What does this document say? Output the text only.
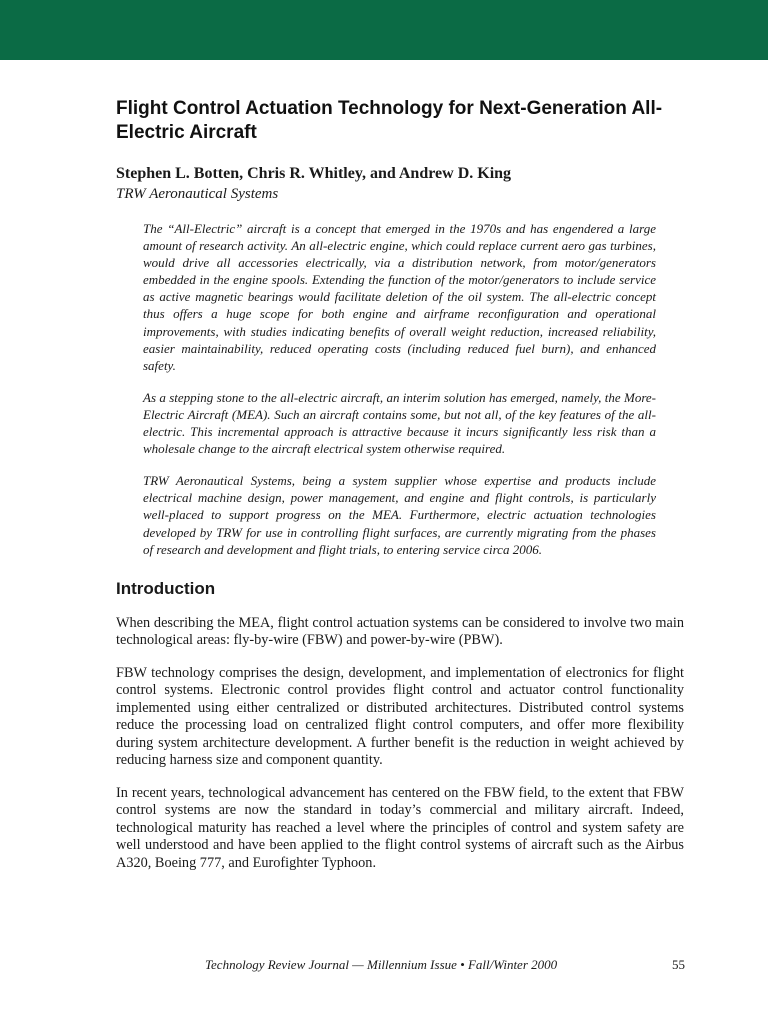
Flight Control Actuation Technology for Next-Generation All-Electric Aircraft
Stephen L. Botten, Chris R. Whitley, and Andrew D. King
TRW Aeronautical Systems

The “All-Electric” aircraft is a concept that emerged in the 1970s and has engendered a large amount of research activity. An all-electric engine, which could replace current aero gas turbines, would drive all accessories electrically, via a distribution network, from motor/generators embedded in the engine spools. Extending the function of the motor/generators to include service as active magnetic bearings would facilitate deletion of the oil system. The all-electric concept thus offers a huge scope for both engine and airframe reconfiguration and operational improvements, with studies indicating benefits of overall weight reduction, increased reliability, easier maintainability, reduced operating costs (including reduced fuel burn), and enhanced safety.

As a stepping stone to the all-electric aircraft, an interim solution has emerged, namely, the More-Electric Aircraft (MEA). Such an aircraft contains some, but not all, of the key features of the all-electric. This incremental approach is attractive because it incurs significantly less risk than a wholesale change to the aircraft electrical system otherwise required.

TRW Aeronautical Systems, being a system supplier whose expertise and products include electrical machine design, power management, and engine and flight controls, is particularly well-placed to support progress on the MEA. Furthermore, electric actuation technologies developed by TRW for use in controlling flight surfaces, are currently migrating from the phases of research and development and flight trials, to entering service circa 2006.

Introduction

When describing the MEA, flight control actuation systems can be considered to involve two main technological areas: fly-by-wire (FBW) and power-by-wire (PBW).

FBW technology comprises the design, development, and implementation of electronics for flight control systems. Electronic control provides flight control and actuator control functionality implemented using either centralized or distributed architectures. Distributed control systems reduce the processing load on centralized flight control computers, and offer more flexibility during system architecture development. A further benefit is the reduction in weight achieved by reducing harness size and component quantity.

In recent years, technological advancement has centered on the FBW field, to the extent that FBW control systems are now the standard in today’s commercial and military aircraft. Indeed, technological maturity has reached a level where the principles of control and system safety are well understood and have been applied to the flight control systems of aircraft such as the Airbus A320, Boeing 777, and Eurofighter Typhoon.

Technology Review Journal — Millennium Issue • Fall/Winter 2000	55
